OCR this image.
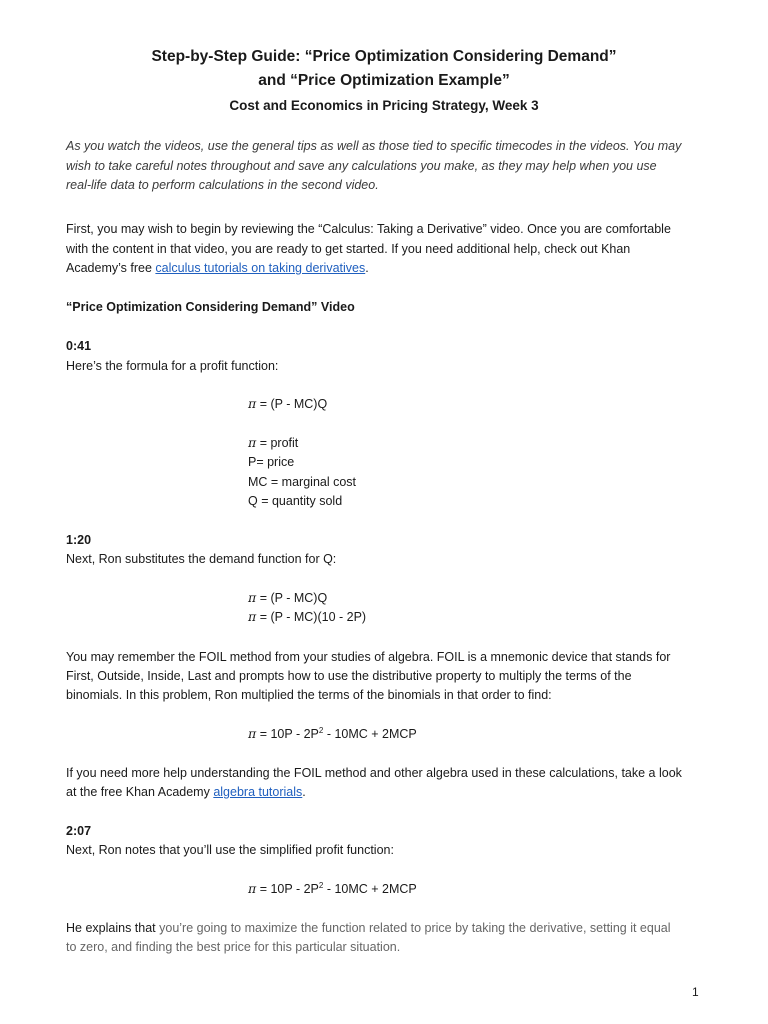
Step-by-Step Guide: “Price Optimization Considering Demand”
and “Price Optimization Example”
Cost and Economics in Pricing Strategy, Week 3
As you watch the videos, use the general tips as well as those tied to specific timecodes in the videos. You may
wish to take careful notes throughout and save any calculations you make, as they may help when you use
real-life data to perform calculations in the second video.
First, you may wish to begin by reviewing the “Calculus: Taking a Derivative” video. Once you are comfortable
with the content in that video, you are ready to get started. If you need additional help, check out Khan
Academy’s free calculus tutorials on taking derivatives.
“Price Optimization Considering Demand” Video
0:41
Here’s the formula for a profit function:
π = (P - MC)Q
π = profit
P= price
MC = marginal cost
Q = quantity sold
1:20
Next, Ron substitutes the demand function for Q:
π = (P - MC)Q
π = (P - MC)(10 - 2P)
You may remember the FOIL method from your studies of algebra. FOIL is a mnemonic device that stands for
First, Outside, Inside, Last and prompts how to use the distributive property to multiply the terms of the
binomials. In this problem, Ron multiplied the terms of the binomials in that order to find:
$\pi = 10P - 2P^2 - 10MC + 2MCP$
If you need more help understanding the FOIL method and other algebra used in these calculations, take a look
at the free Khan Academy algebra tutorials.
2:07
Next, Ron notes that you’ll use the simplified profit function:
$\pi = 10P - 2P^2 - 10MC + 2MCP$
He explains that you’re going to maximize the function related to price by taking the derivative, setting it equal
to zero, and finding the best price for this particular situation.
1
